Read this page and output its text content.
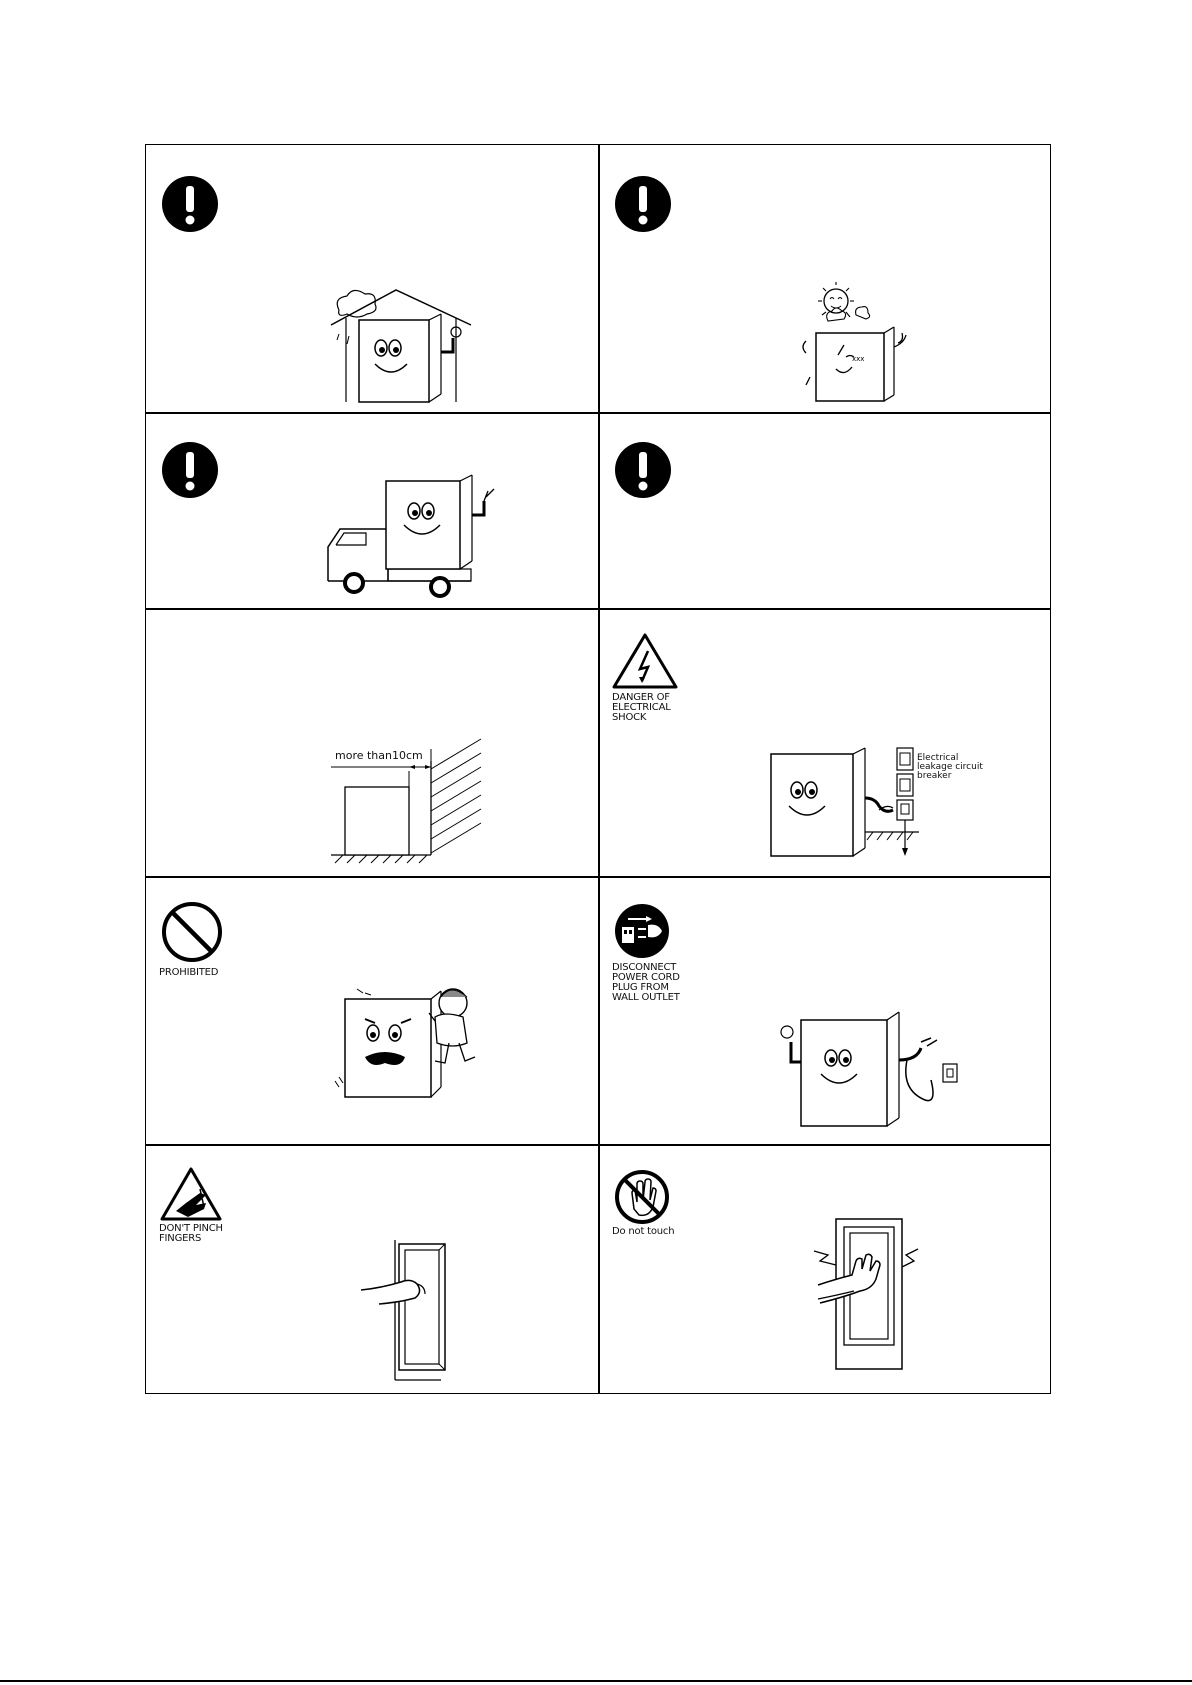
xxx
more than10cm
DANGER OF
ELECTRICAL
SHOCK
Electrical
leakage circuit
breaker
PROHIBITED	DISCONNECT
POWER CORD
PLUG FROM
WALL OUTLET
DON'T PINCH
FINGERS
Do not touch
